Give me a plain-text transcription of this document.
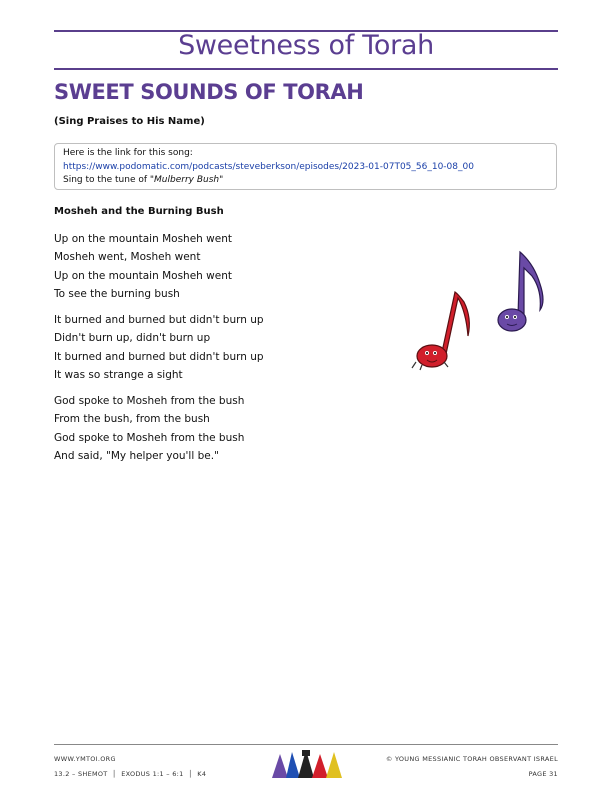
Sweetness of Torah
SWEET SOUNDS OF TORAH
(Sing Praises to His Name)
Here is the link for this song:
https://www.podomatic.com/podcasts/steveberkson/episodes/2023-01-07T05_56_10-08_00
Sing to the tune of "Mulberry Bush"
Mosheh and the Burning Bush
Up on the mountain Mosheh went
Mosheh went, Mosheh went
Up on the mountain Mosheh went
To see the burning bush
It burned and burned but didn't burn up
Didn't burn up, didn't burn up
It burned and burned but didn't burn up
It was so strange a sight
God spoke to Mosheh from the bush
From the bush, from the bush
God spoke to Mosheh from the bush
And said, "My helper you'll be."
WWW.YMTOI.ORG
13.2 – SHEMOT  │  EXODUS 1:1 – 6:1  │  K4
© YOUNG MESSIANIC TORAH OBSERVANT ISRAEL
PAGE 31
